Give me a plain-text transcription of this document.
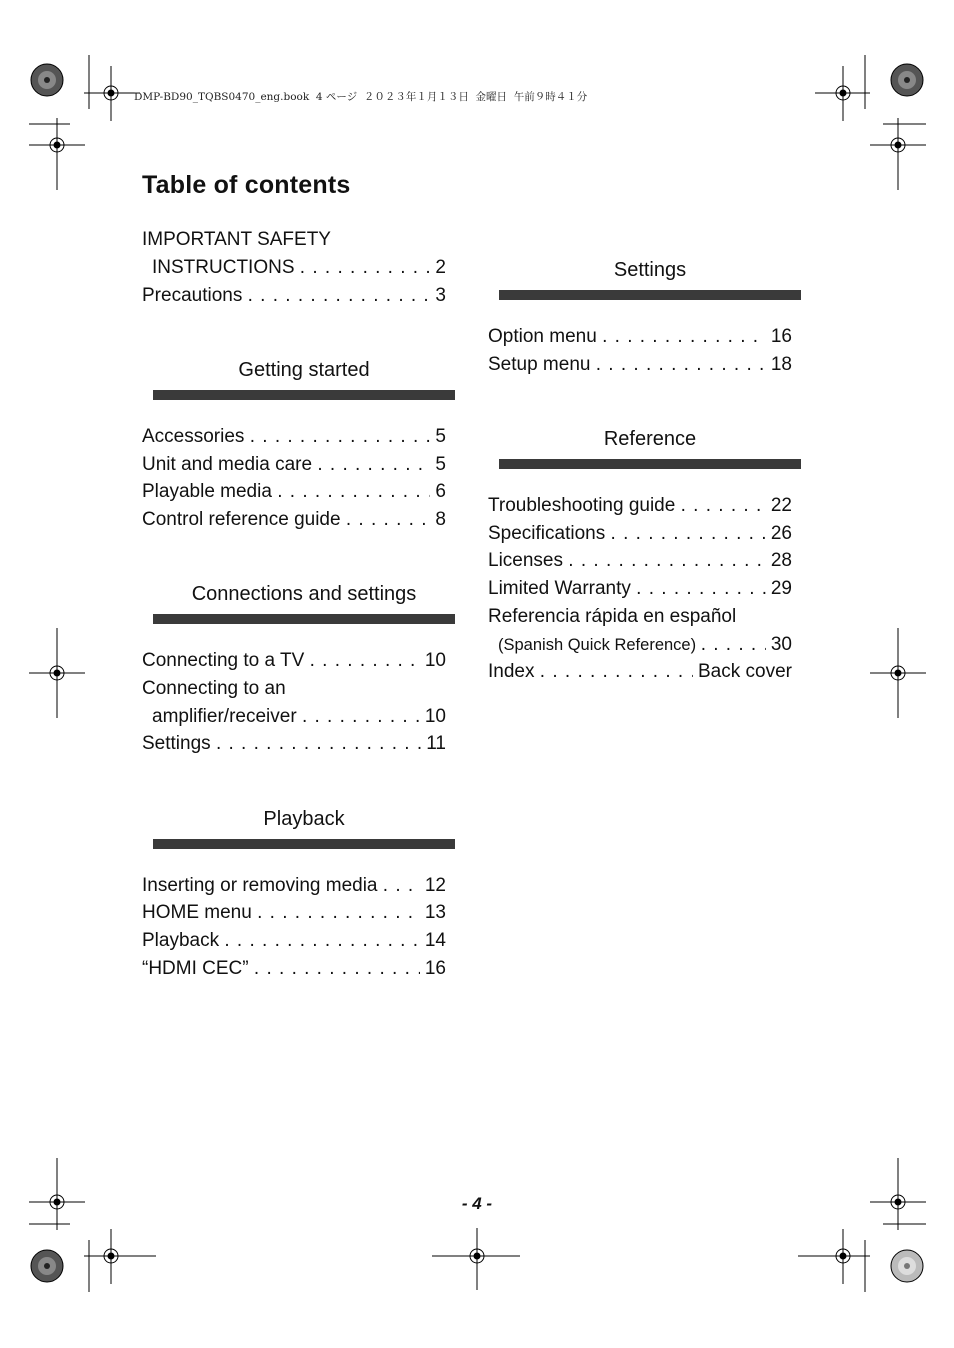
DMP-BD90_TQBS0470_eng.book  4 ページ  ２０２３年１月１３日  金曜日  午前９時４１分
Table of contents
IMPORTANT SAFETY
INSTRUCTIONS . . .	2
Precautions . . .	3
Getting started
Accessories . . .	5
Unit and media care . . .	5
Playable media . . .	6
Control reference guide . . .	8
Connections and settings
Connecting to a TV . . .	10
Connecting to an
amplifier/receiver . . .	10
Settings . . .	11
Playback
Inserting or removing media . . . 12
HOME menu . . .	13
Playback . . .	14
“HDMI CEC” . . .	16
Settings
Option menu . . .	16
Setup menu . . .	18
Reference
Troubleshooting guide . . .	22
Specifications . . .	26
Licenses . . .	28
Limited Warranty . . .	29
Referencia rápida en español
(Spanish Quick Reference) . . .	30
Index . . .	Back cover
- 4 -
